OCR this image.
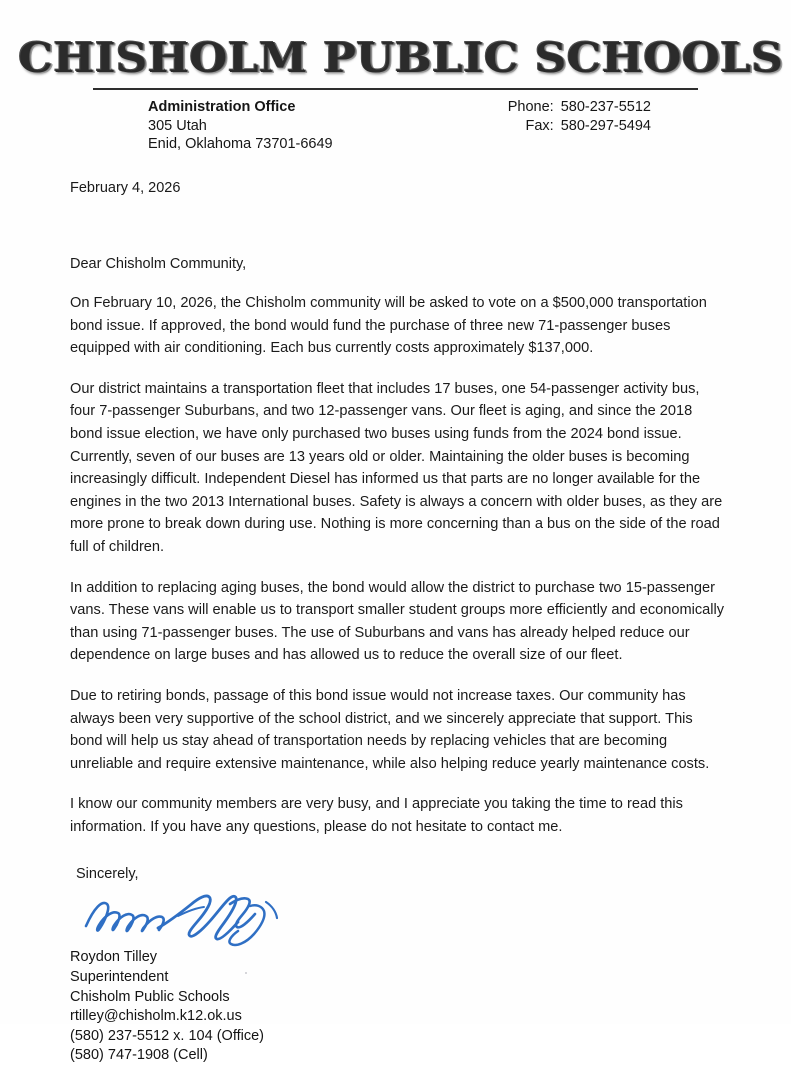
CHISHOLM PUBLIC SCHOOLS
Administration Office
305 Utah
Enid, Oklahoma 73701-6649
Phone: 580-237-5512
Fax: 580-297-5494
February 4, 2026
Dear Chisholm Community,

On February 10, 2026, the Chisholm community will be asked to vote on a $500,000 transportation bond issue. If approved, the bond would fund the purchase of three new 71-passenger buses equipped with air conditioning. Each bus currently costs approximately $137,000.

Our district maintains a transportation fleet that includes 17 buses, one 54-passenger activity bus, four 7-passenger Suburbans, and two 12-passenger vans. Our fleet is aging, and since the 2018 bond issue election, we have only purchased two buses using funds from the 2024 bond issue. Currently, seven of our buses are 13 years old or older. Maintaining the older buses is becoming increasingly difficult. Independent Diesel has informed us that parts are no longer available for the engines in the two 2013 International buses. Safety is always a concern with older buses, as they are more prone to break down during use. Nothing is more concerning than a bus on the side of the road full of children.

In addition to replacing aging buses, the bond would allow the district to purchase two 15-passenger vans. These vans will enable us to transport smaller student groups more efficiently and economically than using 71-passenger buses. The use of Suburbans and vans has already helped reduce our dependence on large buses and has allowed us to reduce the overall size of our fleet.

Due to retiring bonds, passage of this bond issue would not increase taxes. Our community has always been very supportive of the school district, and we sincerely appreciate that support. This bond will help us stay ahead of transportation needs by replacing vehicles that are becoming unreliable and require extensive maintenance, while also helping reduce yearly maintenance costs.

I know our community members are very busy, and I appreciate you taking the time to read this information. If you have any questions, please do not hesitate to contact me.

Sincerely,
Roydon Tilley
Superintendent
Chisholm Public Schools
rtilley@chisholm.k12.ok.us
(580) 237-5512 x. 104 (Office)
(580) 747-1908 (Cell)
